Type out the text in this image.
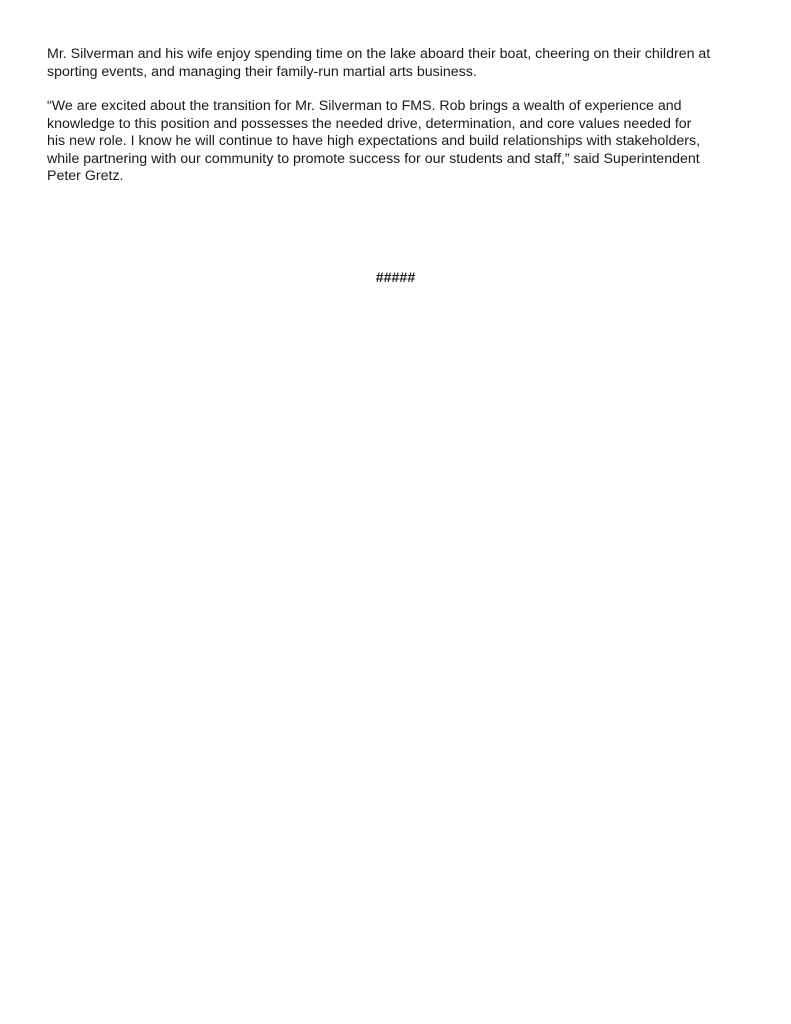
Mr. Silverman and his wife enjoy spending time on the lake aboard their boat, cheering on their children at
sporting events, and managing their family-run martial arts business.

“We are excited about the transition for Mr. Silverman to FMS. Rob brings a wealth of experience and
knowledge to this position and possesses the needed drive, determination, and core values needed for
his new role. I know he will continue to have high expectations and build relationships with stakeholders,
while partnering with our community to promote success for our students and staff,” said Superintendent
Peter Gretz.

#####
